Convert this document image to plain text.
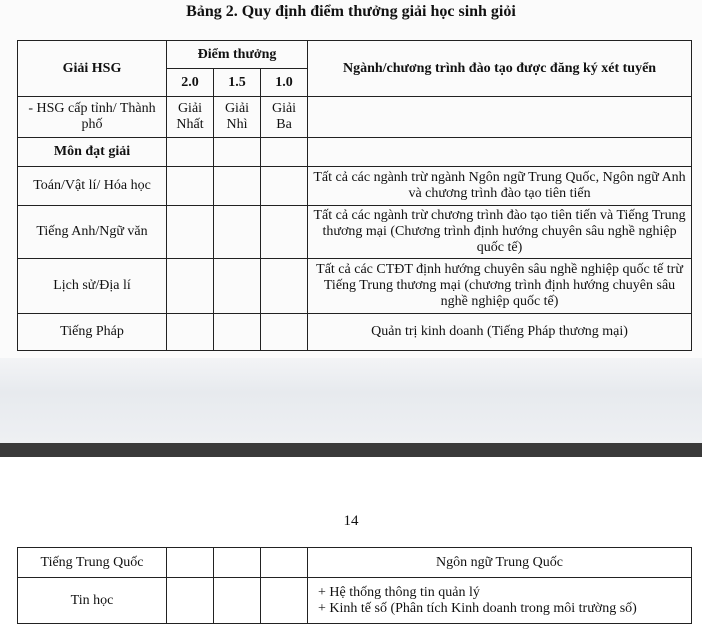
Bảng 2. Quy định điểm thưởng giải học sinh giỏi
Giải HSG	Điểm thưởng			Ngành/chương trình đào tạo được đăng ký xét tuyển
	2.0	1.5	1.0	
- HSG cấp tỉnh/ Thành phố	Giải Nhất	Giải Nhì	Giải Ba	
Môn đạt giải				
Toán/Vật lí/ Hóa học				Tất cả các ngành trừ ngành Ngôn ngữ Trung Quốc, Ngôn ngữ Anh và chương trình đào tạo tiên tiến
Tiếng Anh/Ngữ văn				Tất cả các ngành trừ chương trình đào tạo tiên tiến và Tiếng Trung thương mại (Chương trình định hướng chuyên sâu nghề nghiệp quốc tế)
Lịch sử/Địa lí				Tất cả các CTĐT định hướng chuyên sâu nghề nghiệp quốc tế trừ Tiếng Trung thương mại (chương trình định hướng chuyên sâu nghề nghiệp quốc tế)
Tiếng Pháp				Quản trị kinh doanh (Tiếng Pháp thương mại)
14
Tiếng Trung Quốc				Ngôn ngữ Trung Quốc
Tin học				+ Hệ thống thông tin quản lý
+ Kinh tế số (Phân tích Kinh doanh trong môi trường số)
